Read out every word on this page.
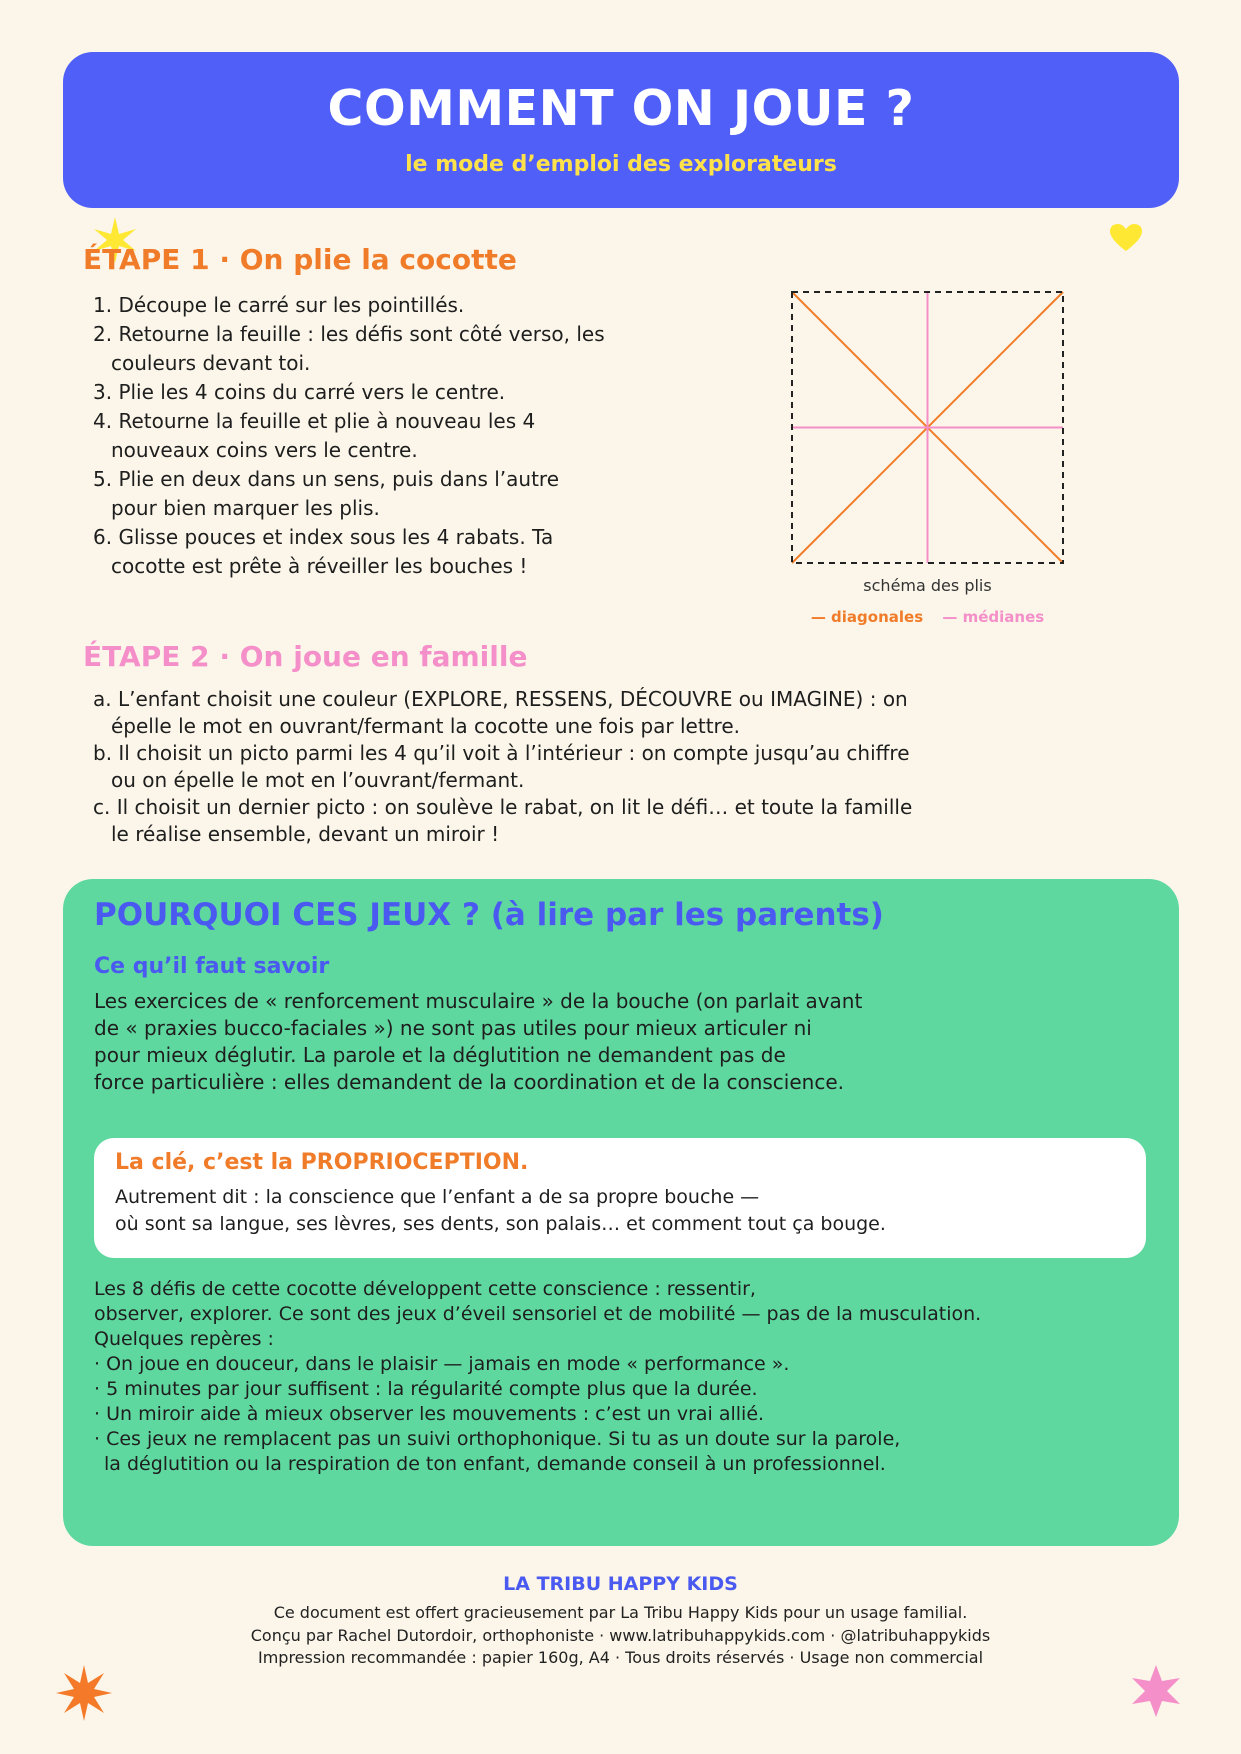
COMMENT ON JOUE ?
le mode d’emploi des explorateurs
ÉTAPE 1 · On plie la cocotte
1. Découpe le carré sur les pointillés.
2. Retourne la feuille : les défis sont côté verso, les couleurs devant toi.
3. Plie les 4 coins du carré vers le centre.
4. Retourne la feuille et plie à nouveau les 4 nouveaux coins vers le centre.
5. Plie en deux dans un sens, puis dans l’autre pour bien marquer les plis.
6. Glisse pouces et index sous les 4 rabats. Ta cocotte est prête à réveiller les bouches !
schéma des plis
— diagonales — médianes
ÉTAPE 2 · On joue en famille
a. L’enfant choisit une couleur (EXPLORE, RESSENS, DÉCOUVRE ou IMAGINE) : on épelle le mot en ouvrant/fermant la cocotte une fois par lettre.
b. Il choisit un picto parmi les 4 qu’il voit à l’intérieur : on compte jusqu’au chiffre ou on épelle le mot en l’ouvrant/fermant.
c. Il choisit un dernier picto : on soulève le rabat, on lit le défi… et toute la famille le réalise ensemble, devant un miroir !
POURQUOI CES JEUX ? (à lire par les parents)
Ce qu’il faut savoir
Les exercices de « renforcement musculaire » de la bouche (on parlait avant
de « praxies bucco-faciales ») ne sont pas utiles pour mieux articuler ni
pour mieux déglutir. La parole et la déglutition ne demandent pas de
force particulière : elles demandent de la coordination et de la conscience.
La clé, c’est la PROPRIOCEPTION.
Autrement dit : la conscience que l’enfant a de sa propre bouche —
où sont sa langue, ses lèvres, ses dents, son palais… et comment tout ça bouge.
Les 8 défis de cette cocotte développent cette conscience : ressentir,
observer, explorer. Ce sont des jeux d’éveil sensoriel et de mobilité — pas de la musculation.
Quelques repères :
· On joue en douceur, dans le plaisir — jamais en mode « performance ».
· 5 minutes par jour suffisent : la régularité compte plus que la durée.
· Un miroir aide à mieux observer les mouvements : c’est un vrai allié.
· Ces jeux ne remplacent pas un suivi orthophonique. Si tu as un doute sur la parole,
la déglutition ou la respiration de ton enfant, demande conseil à un professionnel.
LA TRIBU HAPPY KIDS
Ce document est offert gracieusement par La Tribu Happy Kids pour un usage familial.
Conçu par Rachel Dutordoir, orthophoniste · www.latribuhappykids.com · @latribuhappykids
Impression recommandée : papier 160g, A4 · Tous droits réservés · Usage non commercial
